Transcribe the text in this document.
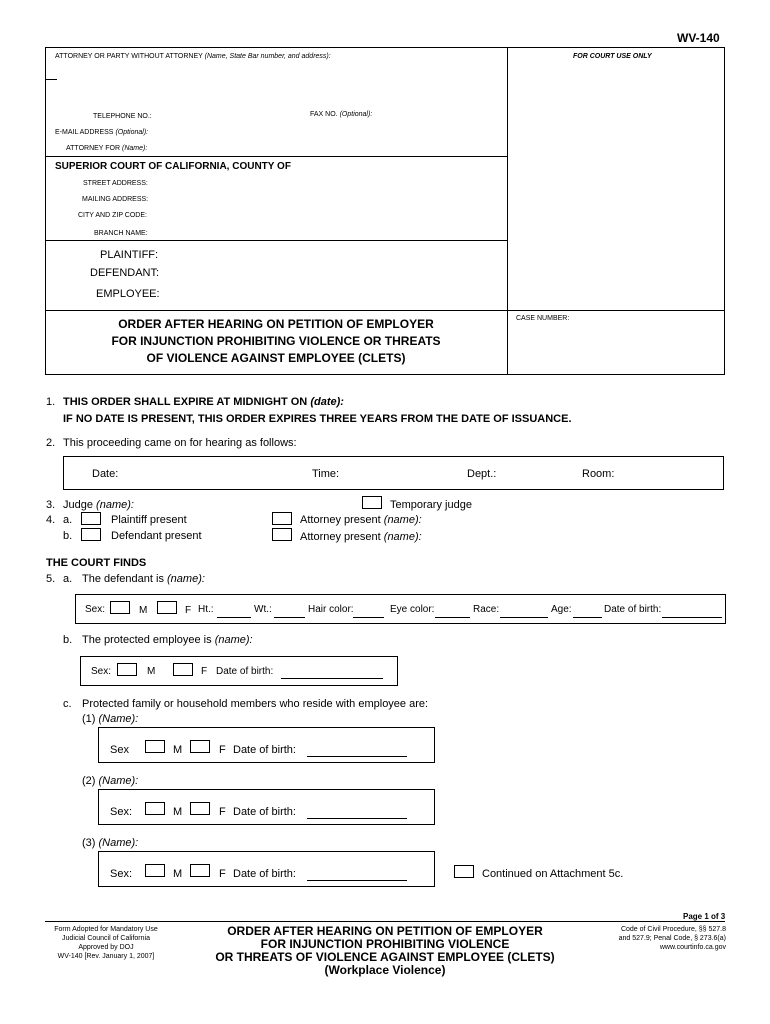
WV-140
ATTORNEY OR PARTY WITHOUT ATTORNEY (Name, State Bar number, and address):	FOR COURT USE ONLY
TELEPHONE NO.:	FAX NO. (Optional):
E-MAIL ADDRESS (Optional):
ATTORNEY FOR (Name):
SUPERIOR COURT OF CALIFORNIA, COUNTY OF
STREET ADDRESS:
MAILING ADDRESS:
CITY AND ZIP CODE:
BRANCH NAME:
PLAINTIFF:
DEFENDANT:
EMPLOYEE:
ORDER AFTER HEARING ON PETITION OF EMPLOYER
FOR INJUNCTION PROHIBITING VIOLENCE OR THREATS
OF VIOLENCE AGAINST EMPLOYEE (CLETS)
CASE NUMBER:
1. THIS ORDER SHALL EXPIRE AT MIDNIGHT ON (date):
IF NO DATE IS PRESENT, THIS ORDER EXPIRES THREE YEARS FROM THE DATE OF ISSUANCE.
2. This proceeding came on for hearing as follows:
Date:	Time:	Dept.:	Room:
3. Judge (name):	Temporary judge
4. a.	Plaintiff present	Attorney present (name):
b.	Defendant present	Attorney present (name):
THE COURT FINDS
5. a. The defendant is (name):
Sex:	M	F Ht.:	Wt.:	Hair color:	Eye color:	Race:	Age:	Date of birth:
b. The protected employee is (name):
Sex:	M	F Date of birth:
c. Protected family or household members who reside with employee are:
(1) (Name):
Sex	M	F Date of birth:
(2) (Name):
Sex:	M	F Date of birth:
(3) (Name):
Sex:	M	F Date of birth:	Continued on Attachment 5c.
Page 1 of 3
Form Adopted for Mandatory Use
Judicial Council of California
Approved by DOJ
WV-140 [Rev. January 1, 2007]
ORDER AFTER HEARING ON PETITION OF EMPLOYER
FOR INJUNCTION PROHIBITING VIOLENCE
OR THREATS OF VIOLENCE AGAINST EMPLOYEE (CLETS)
(Workplace Violence)
Code of Civil Procedure, §§ 527.8
and 527.9; Penal Code, § 273.6(a)
www.courtinfo.ca.gov
